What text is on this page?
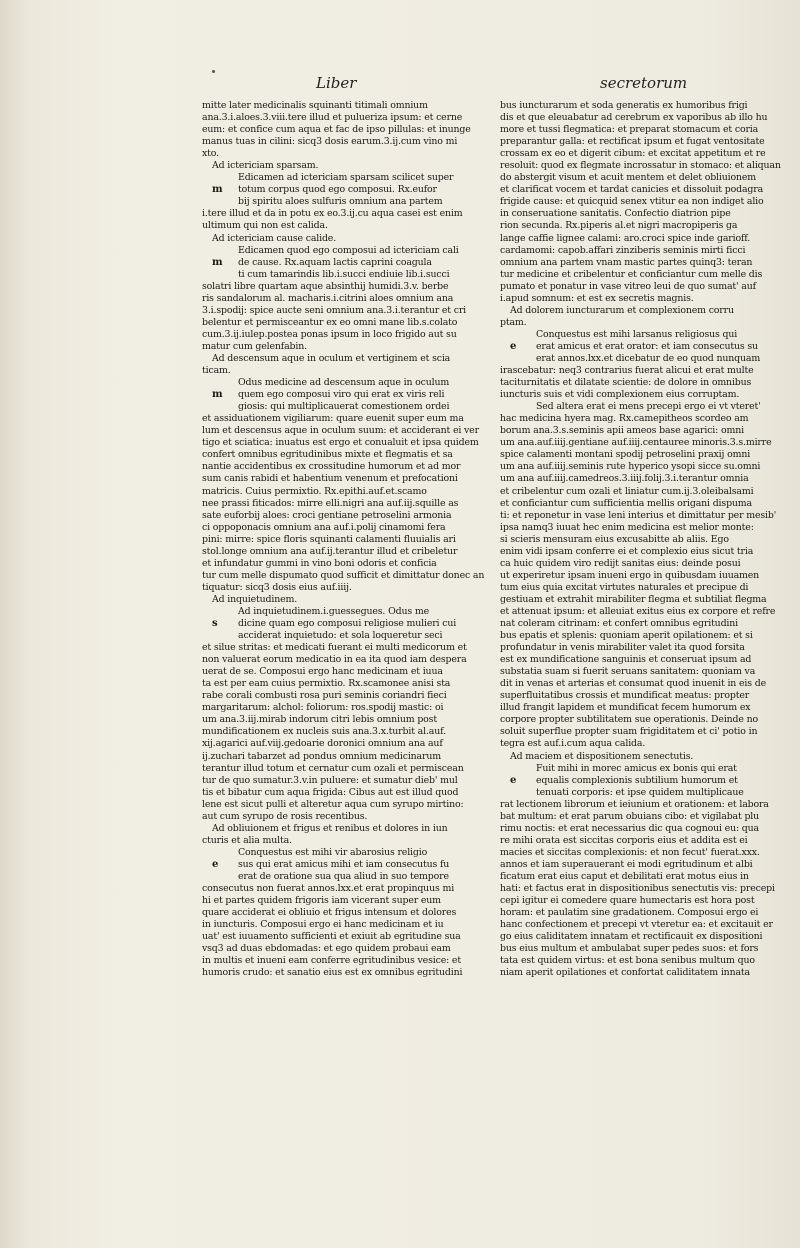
Liber	secretorum
mitte later medicinalis squinanti titimali omnium
ana.3.i.aloes.3.viii.tere illud et pulueriza ipsum: et cerne
eum: et confice cum aqua et fac de ipso pillulas: et inunge
manus tuas in cilini: sicq3 dosis earum.3.ij.cum vino mi
xto.
Ad ictericiam sparsam.
Edicamen ad ictericiam sparsam scilicet super
m totum corpus quod ego composui. Rx.eufor
bij spiritu aloes sulfuris omnium ana partem
i.tere illud et da in potu ex eo.3.ij.cu aqua casei est enim
ultimum qui non est calida.
Ad ictericiam cause calide.
Edicamen quod ego composui ad ictericiam cali
m de cause. Rx.aquam lactis caprini coagula
ti cum tamarindis lib.i.succi endiuie lib.i.succi
solatri libre quartam aque absinthij humidi.3.v. berbe
ris sandalorum al. macharis.i.citrini aloes omnium ana
3.i.spodij: spice aucte seni omnium ana.3.i.terantur et cri
belentur et permisceantur ex eo omni mane lib.s.colato
cum.3.ij.iulep.postea ponas ipsum in loco frigido aut su
matur cum gelenfabin.
Ad descensum aque in oculum et vertiginem et scia
ticam.
Odus medicine ad descensum aque in oculum
m quem ego composui viro qui erat ex viris reli
giosis: qui multiplicauerat comestionem ordei
et assiduationem vigiliarum: quare euenit super eum ma
lum et descensus aque in oculum suum: et acciderant ei ver
tigo et sciatica: inuatus est ergo et conualuit et ipsa quidem
confert omnibus egritudinibus mixte et flegmatis et sa
nantie accidentibus ex crossitudine humorum et ad mor
sum canis rabidi et habentium venenum et prefocationi
matricis. Cuius permixtio. Rx.epithi.auf.et.scamo
nee prassi fiticados: mirre elli.nigri ana auf.iij.squille as
sate euforbij aloes: croci gentiane petroselini armonia
ci oppoponacis omnium ana auf.i.polij cinamomi fera
pini: mirre: spice floris squinanti calamenti fluuialis ari
stol.longe omnium ana auf.ij.terantur illud et cribeletur
et infundatur gummi in vino boni odoris et conficia
tur cum melle dispumato quod sufficit et dimittatur donec an
tiquatur: sicq3 dosis eius auf.iiij.
Ad inquietudinem.
Ad inquietudinem.i.guessegues. Odus me
s dicine quam ego composui religiose mulieri cui
acciderat inquietudo: et sola loqueretur seci
et silue stritas: et medicati fuerant ei multi medicorum et
non valuerat eorum medicatio in ea ita quod iam despera
uerat de se. Composui ergo hanc medicinam et iuua
ta est per eam cuius permixtio. Rx.scamonee anisi sta
rabe corali combusti rosa puri seminis coriandri fieci
margaritarum: alchol: foliorum: ros.spodij mastic: oi
um ana.3.iij.mirab indorum citri lebis omnium post
mundificationem ex nucleis suis ana.3.x.turbit al.auf.
xij.agarici auf.viij.gedoarie doronici omnium ana auf
ij.zuchari tabarzet ad pondus omnium medicinarum
terantur illud totum et cernatur cum ozali et permiscean
tur de quo sumatur.3.v.in puluere: et sumatur dieb' mul
tis et bibatur cum aqua frigida: Cibus aut est illud quod
lene est sicut pulli et alteretur aqua cum syrupo mirtino:
aut cum syrupo de rosis recentibus.
Ad obliuionem et frigus et renibus et dolores in iun
cturis et alia multa.
Conquestus est mihi vir abarosius religio
e sus qui erat amicus mihi et iam consecutus fu
erat de oratione sua qua aliud in suo tempore
consecutus non fuerat annos.lxx.et erat propinquus mi
hi et partes quidem frigoris iam vicerant super eum
quare acciderat ei obliuio et frigus intensum et dolores
in iuncturis. Composui ergo ei hanc medicinam et iu
uat' est iuuamento sufficienti et exiuit ab egritudine sua
vsq3 ad duas ebdomadas: et ego quidem probaui eam
in multis et inueni eam conferre egritudinibus vesice: et
humoris crudo: et sanatio eius est ex omnibus egritudini
bus iuncturarum et soda generatis ex humoribus frigi
dis et que eleuabatur ad cerebrum ex vaporibus ab illo hu
more et tussi flegmatica: et preparat stomacum et coria
preparantur galla: et rectificat ipsum et fugat ventositate
crossam ex eo et digerit cibum: et excitat appetitum et re
resoluit: quod ex flegmate incrossatur in stomaco: et aliquan
do abstergit visum et acuit mentem et delet obliuionem
et clarificat vocem et tardat canicies et dissoluit podagra
frigide cause: et quicquid senex vtitur ea non indiget alio
in conseruatione sanitatis. Confectio diatrion pipe
rion secunda. Rx.piperis al.et nigri macropiperis ga
lange caffie lignee calami: aro.croci spice inde garioff.
cardamomi: capob.affari zinziberis seminis mirti ficci
omnium ana partem vnam mastic partes quinq3: teran
tur medicine et cribelentur et conficiantur cum melle dis
pumato et ponatur in vase vitreo leui de quo sumat' auf
i.apud somnum: et est ex secretis magnis.
Ad dolorem iuncturarum et complexionem corru
ptam.
Conquestus est mihi larsanus religiosus qui
e erat amicus et erat orator: et iam consecutus su
erat annos.lxx.et dicebatur de eo quod nunquam
irascebatur: neq3 contrarius fuerat alicui et erat multe
taciturnitatis et dilatate scientie: de dolore in omnibus
iuncturis suis et vidi complexionem eius corruptam.
Sed altera erat ei mens precepi ergo ei vt vteret'
hac medicina hyera mag. Rx.camepitheos scordeo am
borum ana.3.s.seminis apii ameos base agarici: omni
um ana.auf.iiij.gentiane auf.iiij.centauree minoris.3.s.mirre
spice calamenti montani spodij petroselini praxij omni
um ana auf.iiij.seminis rute hyperico ysopi sicce su.omni
um ana auf.iiij.camedreos.3.iiij.folij.3.i.terantur omnia
et cribelentur cum ozali et liniatur cum.ij.3.oleibalsami
et conficiantur cum sufficientia mellis origani dispuma
ti: et reponetur in vase leni interius et dimittatur per mesib'
ipsa namq3 iuuat hec enim medicina est melior monte:
si scieris mensuram eius excusabitte ab aliis. Ego
enim vidi ipsam conferre ei et complexio eius sicut tria
ca huic quidem viro redijt sanitas eius: deinde posui
ut experiretur ipsam inueni ergo in quibusdam iuuamen
tum eius quia excitat virtutes naturales et precipue di
gestiuam et extrahit mirabiliter flegma et subtiliat flegma
et attenuat ipsum: et alleuiat exitus eius ex corpore et refre
nat coleram citrinam: et confert omnibus egritudini
bus epatis et splenis: quoniam aperit opilationem: et si
profundatur in venis mirabiliter valet ita quod forsita
est ex mundificatione sanguinis et conseruat ipsum ad
substatia suam si fuerit seruans sanitatem: quoniam va
dit in venas et arterias et consumat quod inuenit in eis de
superfluitatibus crossis et mundificat meatus: propter
illud frangit lapidem et mundificat fecem humorum ex
corpore propter subtilitatem sue operationis. Deinde no
soluit superflue propter suam frigiditatem et ci' potio in
tegra est auf.i.cum aqua calida.
Ad maciem et dispositionem senectutis.
Fuit mihi in morec amicus ex bonis qui erat
e equalis complexionis subtilium humorum et
tenuati corporis: et ipse quidem multiplicaue
rat lectionem librorum et ieiunium et orationem: et labora
bat multum: et erat parum obuians cibo: et vigilabat plu
rimu noctis: et erat necessarius dic qua cognoui eu: qua
re mihi orata est siccitas corporis eius et addita est ei
macies et siccitas complexionis: et non fecut' fuerat.xxx.
annos et iam superauerant ei modi egritudinum et albi
ficatum erat eius caput et debilitati erat motus eius in
hati: et factus erat in dispositionibus senectutis vis: precepi
cepi igitur ei comedere quare humectaris est hora post
horam: et paulatim sine gradationem. Composui ergo ei
hanc confectionem et precepi vt vteretur ea: et excitauit er
go eius caliditatem innatam et rectificauit ex dispositioni
bus eius multum et ambulabat super pedes suos: et fors
tata est quidem virtus: et est bona senibus multum quo
niam aperit opilationes et confortat caliditatem innata
